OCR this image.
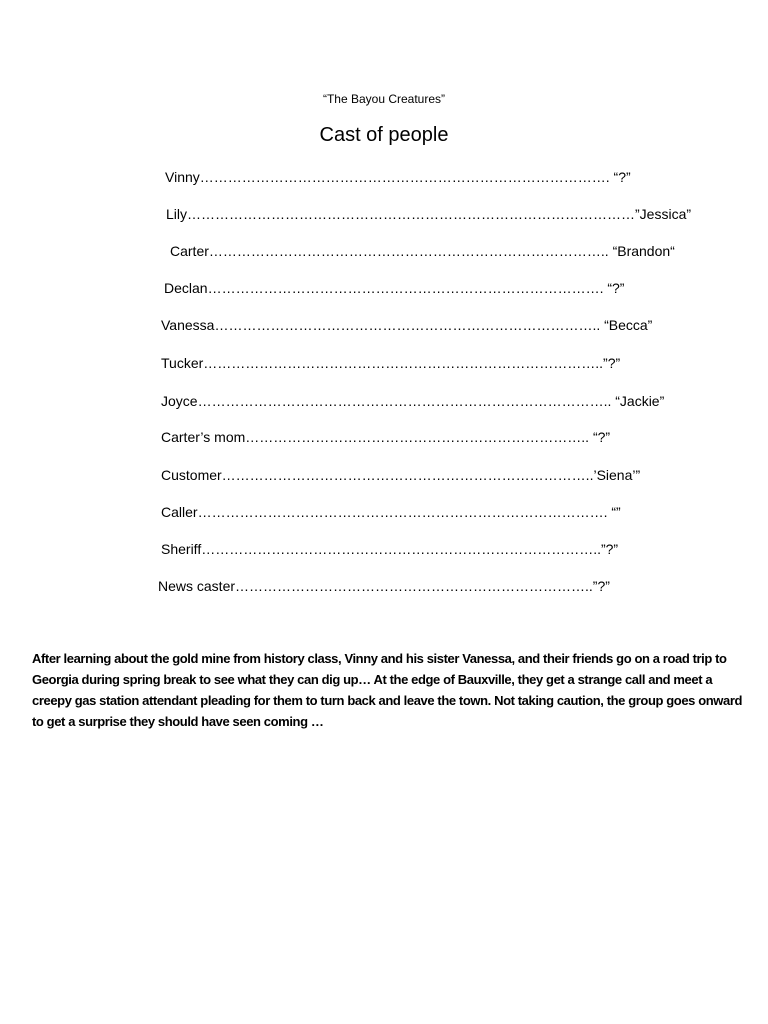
“The Bayou Creatures”
Cast of people
Vinny……………………………………………………………………………. “?”
Lily……………………………………………………………………………………”Jessica”
Carter………………………………………………………………………….. “Brandon“
Declan…………………………………………………………………………. “?”
Vanessa……………………………………………………………………….. “Becca”
Tucker…………………………………………………………………………..”?”
Joyce…………………………………………………………………………….. “Jackie”
Carter’s mom……………………………………………………………….. “?”
Customer……………………………………………………………………..’Siena’”
Caller……………………………………………………………………………. “”
Sheriff…………………………………………………………………………..”?”
News caster…………………………………………………………………..”?”
After learning about the gold mine from history class, Vinny and his sister Vanessa, and their friends go on a road trip to Georgia during spring break to see what they can dig up… At the edge of Bauxville, they get a strange call and meet a creepy gas station attendant pleading for them to turn back and leave the town. Not taking caution, the group goes onward to get a surprise they should have seen coming …
